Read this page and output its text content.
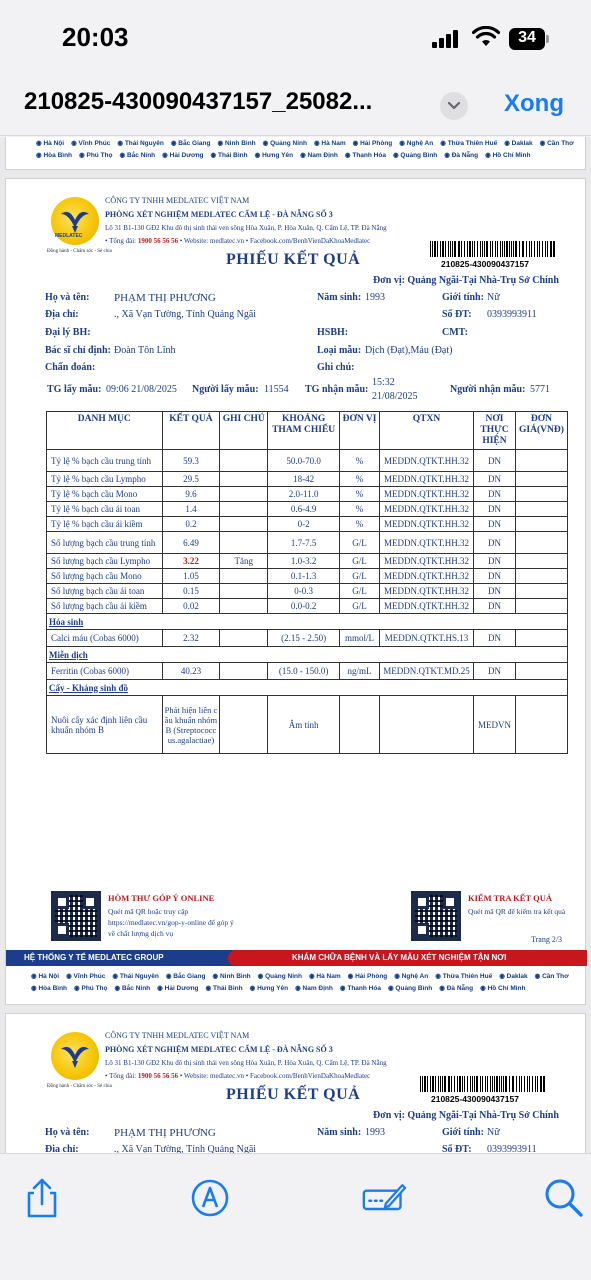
20:03	34
210825-430090437157_25082...	Xong
◉ Hà Nội ◉ Vĩnh Phúc ◉ Thái Nguyên ◉ Bắc Giang ◉ Ninh Bình ◉ Quảng Ninh ◉ Hà Nam ◉ Hải Phòng ◉ Nghệ An ◉ Thừa Thiên Huế ◉ Daklak ◉ Cần Thơ
◉ Hòa Bình ◉ Phú Thọ ◉ Bắc Ninh ◉ Hải Dương ◉ Thái Bình ◉ Hưng Yên ◉ Nam Định ◉ Thanh Hóa ◉ Quảng Bình ◉ Đà Nẵng ◉ Hồ Chí Minh
MEDLATEC
Đồng hành - Chăm sóc - Sẻ chia
CÔNG TY TNHH MEDLATEC VIỆT NAM
PHÒNG XÉT NGHIỆM MEDLATEC CẨM LỆ - ĐÀ NẴNG SỐ 3
Lô 31 B1-130 GĐ2 Khu đô thị sinh thái ven sông Hòa Xuân, P. Hòa Xuân, Q. Cẩm Lệ, TP. Đà Nẵng
• Tổng đài: 1900 56 56 56 • Website: medlatec.vn • Facebook.com/BenhVienDaKhoaMedlatec
PHIẾU KẾT QUẢ	210825-430090437157
Đơn vị: Quảng Ngãi-Tại Nhà-Trụ Sở Chính
Họ và tên: PHẠM THỊ PHƯƠNG	Năm sinh: 1993	Giới tính: Nữ
Địa chỉ:	., Xã Vạn Tường, Tỉnh Quảng Ngãi	Số ĐT: 0393993911
Đại lý BH:	HSBH:	CMT:
Bác sĩ chỉ định: Đoàn Tôn Lĩnh	Loại mẫu: Dịch (Đạt),Máu (Đạt)
Chẩn đoán:	Ghi chú:
TG lấy mẫu: 09:06 21/08/2025 Người lấy mẫu: 11554 TG nhận mẫu:
15:32
21/08/2025
Người nhận mẫu: 5771
HÒM THƯ GÓP Ý ONLINE
Quét mã QR hoặc truy cập https://medlatec.vn/gop-y-online để góp ý về chất lượng dịch vụ
KIỂM TRA KẾT QUẢ
Quét mã QR để kiểm tra kết quả
Trang 2/3
HỆ THỐNG Y TẾ MEDLATEC GROUP	KHÁM CHỮA BỆNH VÀ LẤY MẪU XÉT NGHIỆM TẬN NƠI
◉ Hà Nội ◉ Vĩnh Phúc ◉ Thái Nguyên ◉ Bắc Giang ◉ Ninh Bình ◉ Quảng Ninh ◉ Hà Nam ◉ Hải Phòng ◉ Nghệ An ◉ Thừa Thiên Huế ◉ Daklak ◉ Cần Thơ
◉ Hòa Bình ◉ Phú Thọ ◉ Bắc Ninh ◉ Hải Dương ◉ Thái Bình ◉ Hưng Yên ◉ Nam Định ◉ Thanh Hóa ◉ Quảng Bình ◉ Đà Nẵng ◉ Hồ Chí Minh
DANH MỤC	KẾT QUẢ	GHI CHÚ	KHOẢNG THAM CHIẾU	ĐƠN VỊ	QTXN	NƠI THỰC HIỆN	ĐƠN GIÁ(VNĐ)
Tỷ lệ % bạch cầu trung tính	59.3		50.0-70.0	%	MEDDN.QTKT.HH.32	DN	
Tỷ lệ % bạch cầu Lympho	29.5		18-42	%	MEDDN.QTKT.HH.32	DN	
Tỷ lệ % bạch cầu Mono	9.6		2.0-11.0	%	MEDDN.QTKT.HH.32	DN	
Tỷ lệ % bạch cầu ái toan	1.4		0.6-4.9	%	MEDDN.QTKT.HH.32	DN	
Tỷ lệ % bạch cầu ái kiềm	0.2		0-2	%	MEDDN.QTKT.HH.32	DN	
Số lượng bạch cầu trung tính	6.49		1.7-7.5	G/L	MEDDN.QTKT.HH.32	DN	
Số lượng bạch cầu Lympho	3.22	Tăng	1.0-3.2	G/L	MEDDN.QTKT.HH.32	DN	
Số lượng bạch cầu Mono	1.05		0.1-1.3	G/L	MEDDN.QTKT.HH.32	DN	
Số lượng bạch cầu ái toan	0.15		0-0.3	G/L	MEDDN.QTKT.HH.32	DN	
Số lượng bạch cầu ái kiềm	0.02		0.0-0.2	G/L	MEDDN.QTKT.HH.32	DN	
Hóa sinh							
Calci máu (Cobas 6000)	2.32		(2.15 - 2.50)	mmol/L	MEDDN.QTKT.HS.13	DN	
Miễn dịch							
Ferritin (Cobas 6000)	40.23		(15.0 - 150.0)	ng/mL	MEDDN.QTKT.MD.25	DN	
Cấy - Kháng sinh đồ							
Nuôi cấy xác định liên cầu khuẩn nhóm B	Phát hiện liên cầu khuẩn nhóm B (Streptococcus.agalactiae)		Âm tính			MEDVN	
Đồng hành - Chăm sóc - Sẻ chia
CÔNG TY TNHH MEDLATEC VIỆT NAM
PHÒNG XÉT NGHIỆM MEDLATEC CẨM LỆ - ĐÀ NẴNG SỐ 3
Lô 31 B1-130 GĐ2 Khu đô thị sinh thái ven sông Hòa Xuân, P. Hòa Xuân, Q. Cẩm Lệ, TP. Đà Nẵng
• Tổng đài: 1900 56 56 56 • Website: medlatec.vn • Facebook.com/BenhVienDaKhoaMedlatec
PHIẾU KẾT QUẢ	210825-430090437157
Đơn vị: Quảng Ngãi-Tại Nhà-Trụ Sở Chính
Họ và tên: PHẠM THỊ PHƯƠNG	Năm sinh: 1993	Giới tính: Nữ
Địa chỉ:	., Xã Vạn Tường, Tỉnh Quảng Ngãi	Số ĐT: 0393993911
